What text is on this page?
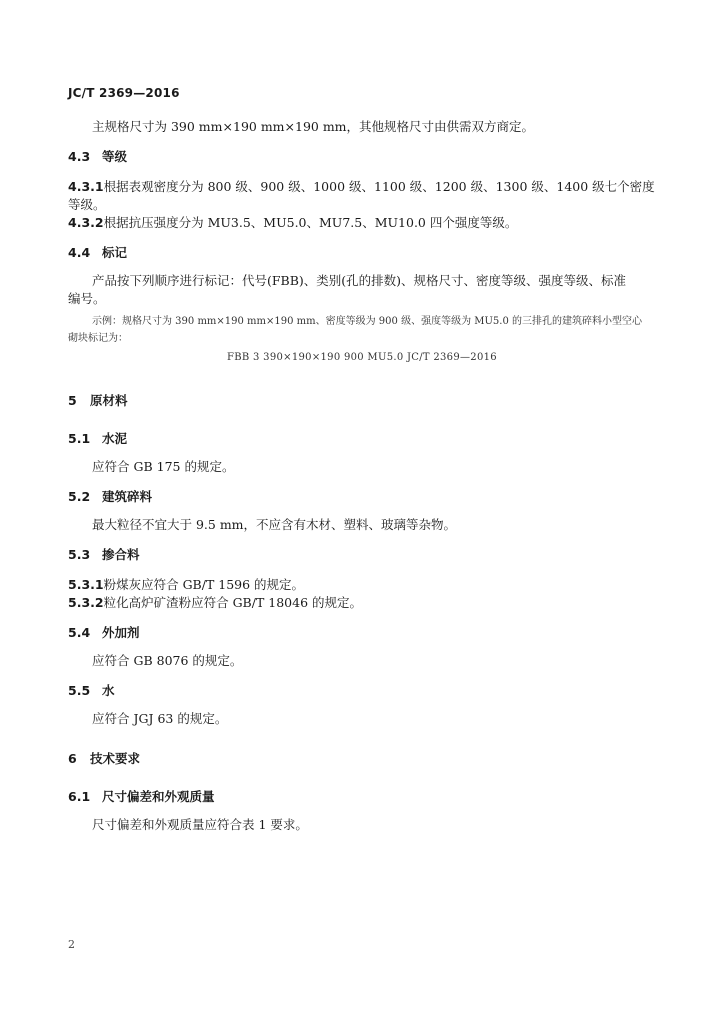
JC/T 2369—2016
主规格尺寸为 390 mm×190 mm×190 mm，其他规格尺寸由供需双方商定。
4.3 等级
4.3.1根据表观密度分为 800 级、900 级、1000 级、1100 级、1200 级、1300 级、1400 级七个密度
等级。
4.3.2根据抗压强度分为 MU3.5、MU5.0、MU7.5、MU10.0 四个强度等级。
4.4 标记
产品按下列顺序进行标记：代号(FBB)、类别(孔的排数)、规格尺寸、密度等级、强度等级、标准
编号。
示例：规格尺寸为 390 mm×190 mm×190 mm、密度等级为 900 级、强度等级为 MU5.0 的三排孔的建筑碎料小型空心
砌块标记为：
FBB 3 390×190×190 900 MU5.0 JC/T 2369—2016
5 原材料
5.1 水泥
应符合 GB 175 的规定。
5.2 建筑碎料
最大粒径不宜大于 9.5 mm，不应含有木材、塑料、玻璃等杂物。
5.3 掺合料
5.3.1粉煤灰应符合 GB/T 1596 的规定。
5.3.2粒化高炉矿渣粉应符合 GB/T 18046 的规定。
5.4 外加剂
应符合 GB 8076 的规定。
5.5 水
应符合 JGJ 63 的规定。
6 技术要求
6.1 尺寸偏差和外观质量
尺寸偏差和外观质量应符合表 1 要求。
2
